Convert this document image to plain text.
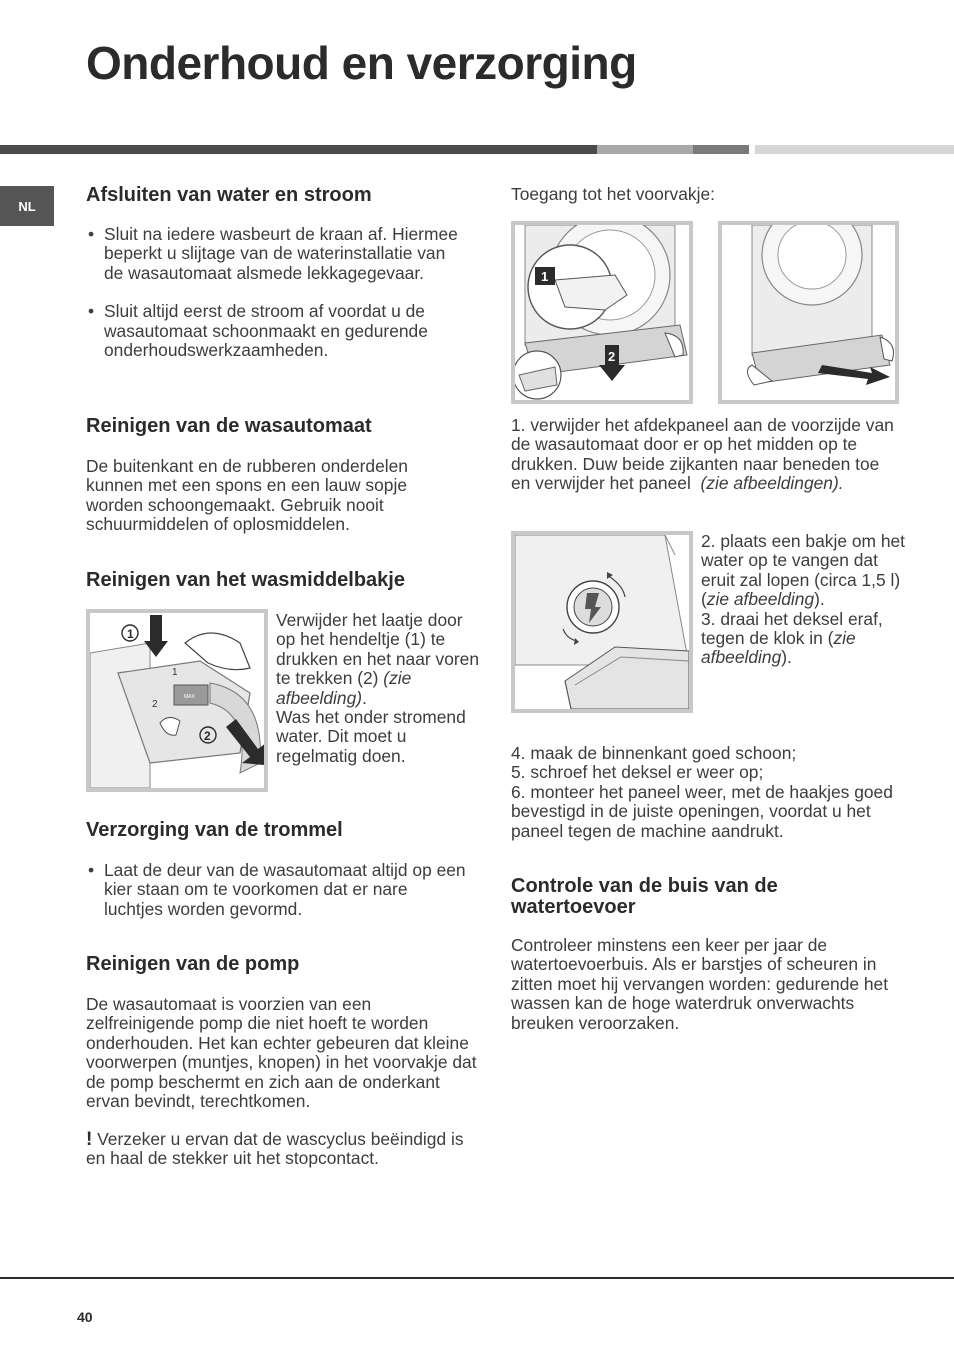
Onderhoud en verzorging
NL	Afsluiten van water en stroom
• Sluit na iedere wasbeurt de kraan af. Hiermee beperkt u slijtage van de waterinstallatie van de wasautomaat alsmede lekkagegevaar.
• Sluit altijd eerst de stroom af voordat u de wasautomaat schoonmaakt en gedurende onderhoudswerkzaamheden.
Reinigen van de wasautomaat

De buitenkant en de rubberen onderdelen kunnen met een spons en een lauw sopje worden schoongemaakt. Gebruik nooit schuurmiddelen of oplosmiddelen.

Reinigen van het wasmiddelbakje
MAX
1
2
1
2

Verwijder het laatje door op het hendeltje (1) te drukken en het naar voren te trekken (2) (zie afbeelding).
Was het onder stromend water. Dit moet u regelmatig doen.

Verzorging van de trommel
• Laat de deur van de wasautomaat altijd op een kier staan om te voorkomen dat er nare luchtjes worden gevormd.
Reinigen van de pomp

De wasautomaat is voorzien van een zelfreinigende pomp die niet hoeft te worden onderhouden. Het kan echter gebeuren dat kleine voorwerpen (muntjes, knopen) in het voorvakje dat de pomp beschermt en zich aan de onderkant ervan bevindt, terechtkomen.

! Verzeker u ervan dat de wascyclus beëindigd is en haal de stekker uit het stopcontact.

Toegang tot het voorvakje:

1
2

1. verwijder het afdekpaneel aan de voorzijde van de wasautomaat door er op het midden op te drukken. Duw beide zijkanten naar beneden toe en verwijder het paneel (zie afbeeldingen).

2. plaats een bakje om het water op te vangen dat eruit zal lopen (circa 1,5 l) (zie afbeelding).
3. draai het deksel eraf, tegen de klok in (zie afbeelding).

4. maak de binnenkant goed schoon;

5. schroef het deksel er weer op;

6. monteer het paneel weer, met de haakjes goed bevestigd in de juiste openingen, voordat u het paneel tegen de machine aandrukt.

Controle van de buis van de watertoevoer

Controleer minstens een keer per jaar de watertoevoerbuis. Als er barstjes of scheuren in zitten moet hij vervangen worden: gedurende het wassen kan de hoge waterdruk onverwachts breuken veroorzaken.

40
